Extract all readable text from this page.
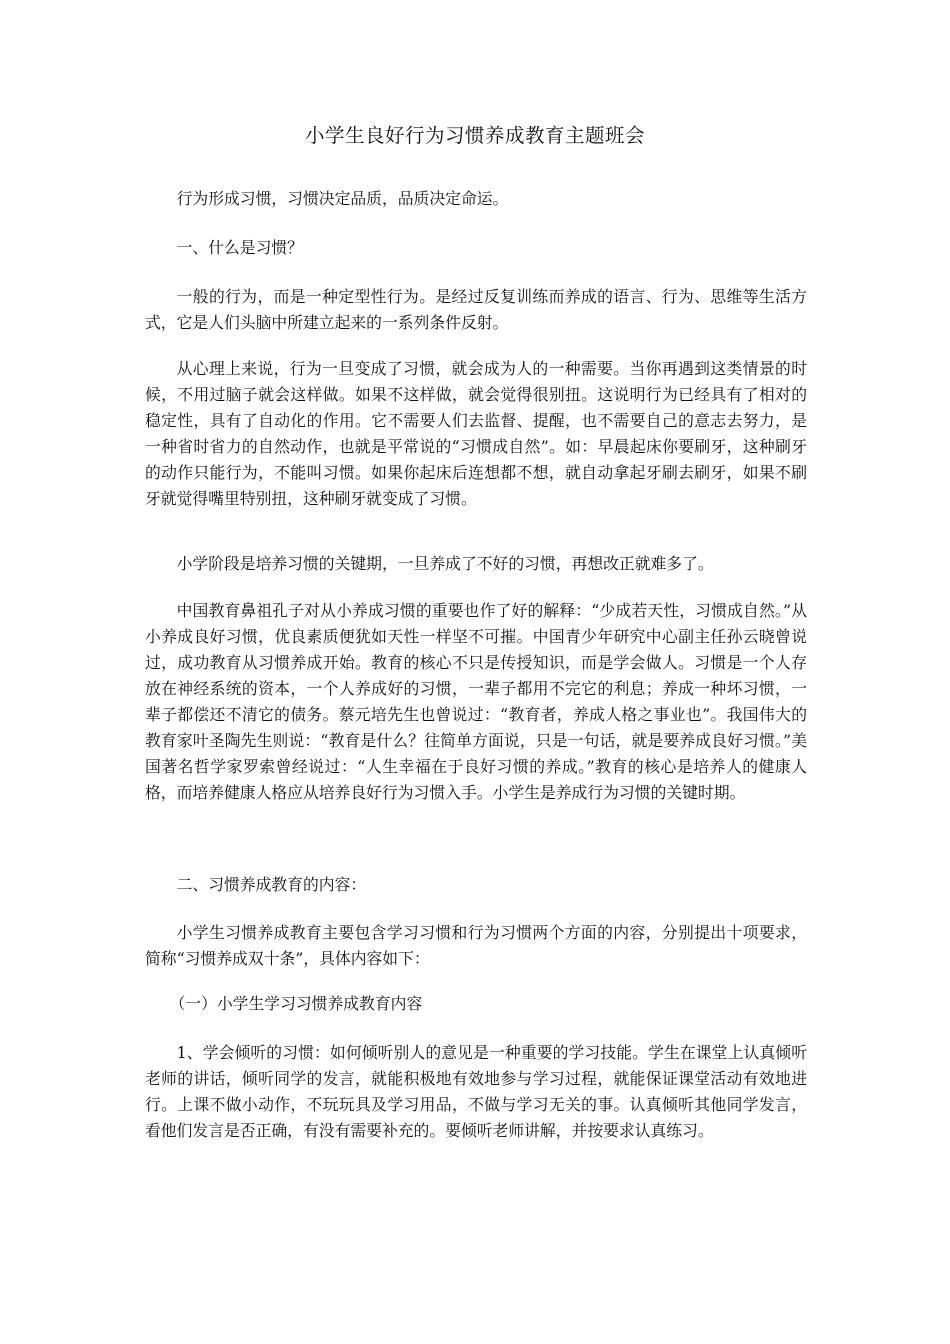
小学生良好行为习惯养成教育主题班会

行为形成习惯，习惯决定品质，品质决定命运。

一、什么是习惯？

一般的行为，而是一种定型性行为。是经过反复训练而养成的语言、行为、思维等生活方式，它是人们头脑中所建立起来的一系列条件反射。

从心理上来说，行为一旦变成了习惯，就会成为人的一种需要。当你再遇到这类情景的时候，不用过脑子就会这样做。如果不这样做，就会觉得很别扭。这说明行为已经具有了相对的稳定性，具有了自动化的作用。它不需要人们去监督、提醒，也不需要自己的意志去努力，是一种省时省力的自然动作，也就是平常说的“习惯成自然”。如：早晨起床你要刷牙，这种刷牙的动作只能行为，不能叫习惯。如果你起床后连想都不想，就自动拿起牙刷去刷牙，如果不刷牙就觉得嘴里特别扭，这种刷牙就变成了习惯。

小学阶段是培养习惯的关键期，一旦养成了不好的习惯，再想改正就难多了。

中国教育鼻祖孔子对从小养成习惯的重要也作了好的解释：“少成若天性，习惯成自然。”从小养成良好习惯，优良素质便犹如天性一样坚不可摧。中国青少年研究中心副主任孙云晓曾说过，成功教育从习惯养成开始。教育的核心不只是传授知识，而是学会做人。习惯是一个人存放在神经系统的资本，一个人养成好的习惯，一辈子都用不完它的利息；养成一种坏习惯，一辈子都偿还不清它的债务。蔡元培先生也曾说过：“教育者，养成人格之事业也”。我国伟大的教育家叶圣陶先生则说：“教育是什么？往简单方面说，只是一句话，就是要养成良好习惯。”美国著名哲学家罗索曾经说过：“人生幸福在于良好习惯的养成。”教育的核心是培养人的健康人格，而培养健康人格应从培养良好行为习惯入手。小学生是养成行为习惯的关键时期。

二、习惯养成教育的内容：

小学生习惯养成教育主要包含学习习惯和行为习惯两个方面的内容，分别提出十项要求，简称“习惯养成双十条”，具体内容如下：

（一）小学生学习习惯养成教育内容

1、学会倾听的习惯：如何倾听别人的意见是一种重要的学习技能。学生在课堂上认真倾听老师的讲话，倾听同学的发言，就能积极地有效地参与学习过程，就能保证课堂活动有效地进行。上课不做小动作，不玩玩具及学习用品，不做与学习无关的事。认真倾听其他同学发言，看他们发言是否正确，有没有需要补充的。要倾听老师讲解，并按要求认真练习。
